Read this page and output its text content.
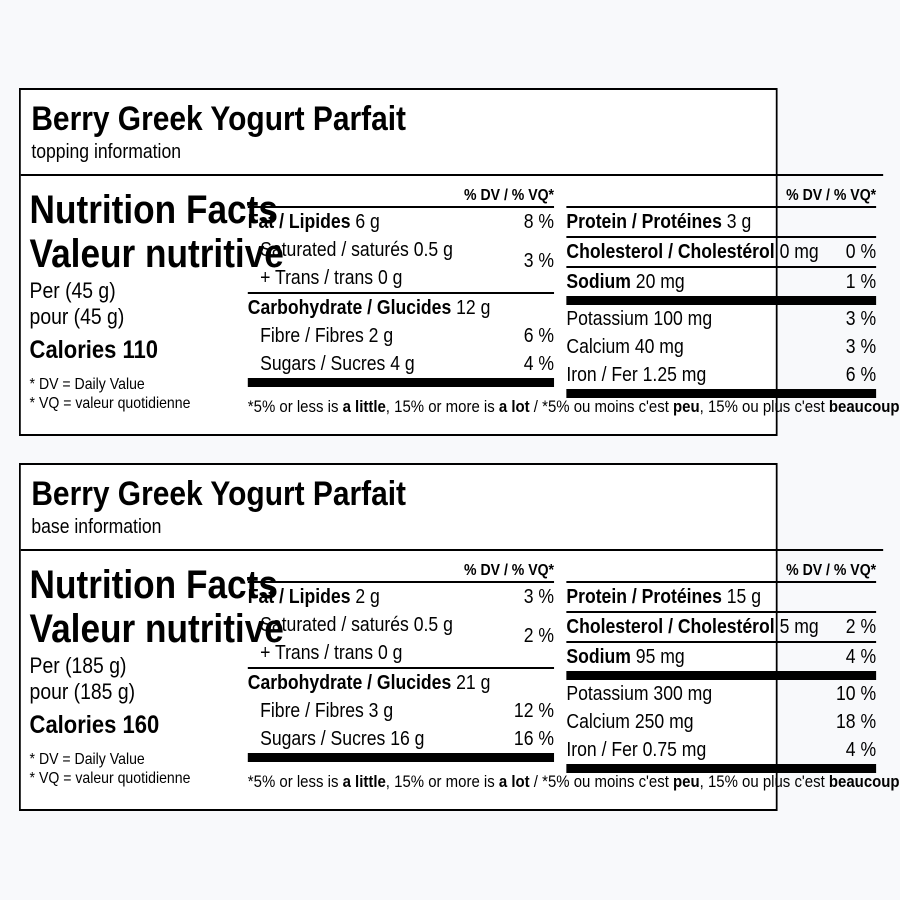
Berry Greek Yogurt Parfait
topping information
Nutrition Facts
Valeur nutritive
Per (45 g)
pour (45 g)
Calories 110
* DV = Daily Value
* VQ = valeur quotidienne
% DV / % VQ*
Fat / Lipides 6 g	8 %
Saturated / saturés 0.5 g
+ Trans / trans 0 g
3 %
Carbohydrate / Glucides 12 g
Fibre / Fibres 2 g	6 %
Sugars / Sucres 4 g	4 %
% DV / % VQ*
Protein / Protéines 3 g
Cholesterol / Cholestérol 0 mg 0 %
Sodium 20 mg	1 %
Potassium 100 mg	3 %
Calcium 40 mg	3 %
Iron / Fer 1.25 mg	6 %
*5% or less is a little, 15% or more is a lot / *5% ou moins c'est peu, 15% ou plus c'est beaucoup
Berry Greek Yogurt Parfait
base information
Nutrition Facts
Valeur nutritive
Per (185 g)
pour (185 g)
Calories 160
* DV = Daily Value
* VQ = valeur quotidienne
% DV / % VQ*
Fat / Lipides 2 g	3 %
Saturated / saturés 0.5 g
+ Trans / trans 0 g
2 %
Carbohydrate / Glucides 21 g
Fibre / Fibres 3 g	12 %
Sugars / Sucres 16 g	16 %
% DV / % VQ*
Protein / Protéines 15 g
Cholesterol / Cholestérol 5 mg 2 %
Sodium 95 mg	4 %
Potassium 300 mg	10 %
Calcium 250 mg	18 %
Iron / Fer 0.75 mg	4 %
*5% or less is a little, 15% or more is a lot / *5% ou moins c'est peu, 15% ou plus c'est beaucoup
